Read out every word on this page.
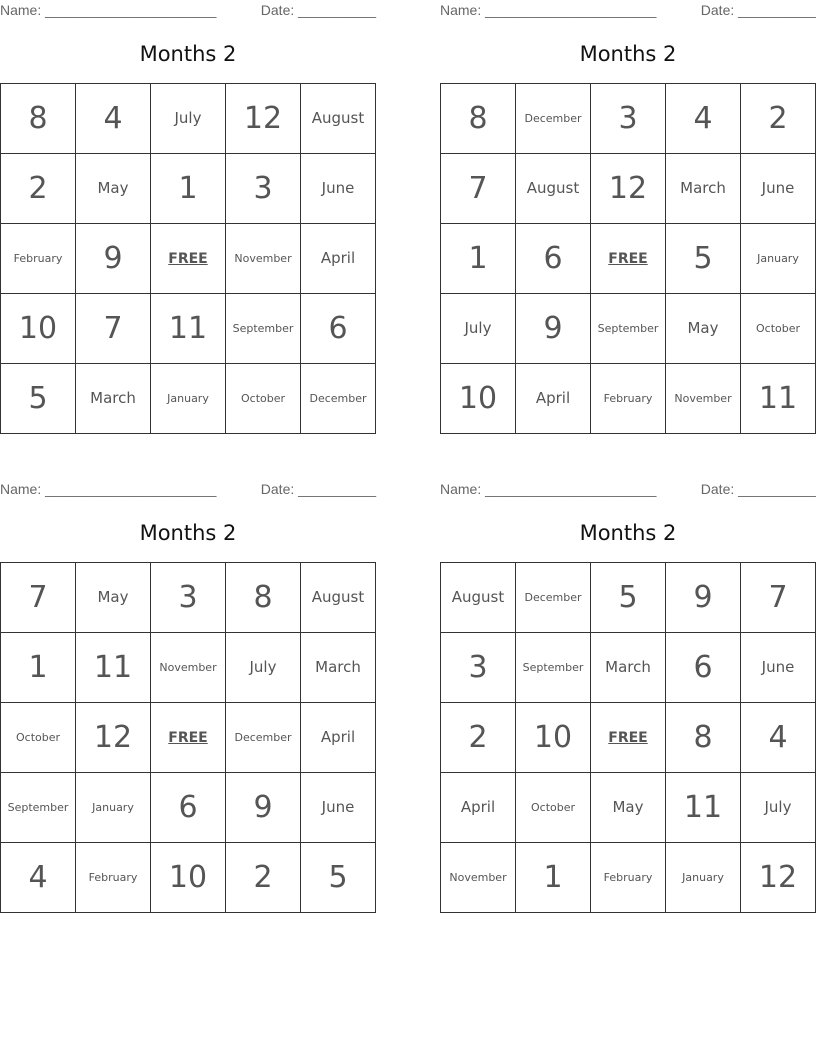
Name: ______________________	Date: __________
Months 2
8	4	July	12	August
2	May	1	3	June
February	9	FREE	November	April
10	7	11	September	6
5	March	January	October	December
Name: ______________________	Date: __________
Months 2
8	December	3	4	2
7	August	12	March	June
1	6	FREE	5	January
July	9	September	May	October
10	April	February	November	11
Name: ______________________	Date: __________
Months 2
7	May	3	8	August
1	11	November	July	March
October	12	FREE	December	April
September	January	6	9	June
4	February	10	2	5
Name: ______________________	Date: __________
Months 2
August	December	5	9	7
3	September	March	6	June
2	10	FREE	8	4
April	October	May	11	July
November	1	February	January	12
